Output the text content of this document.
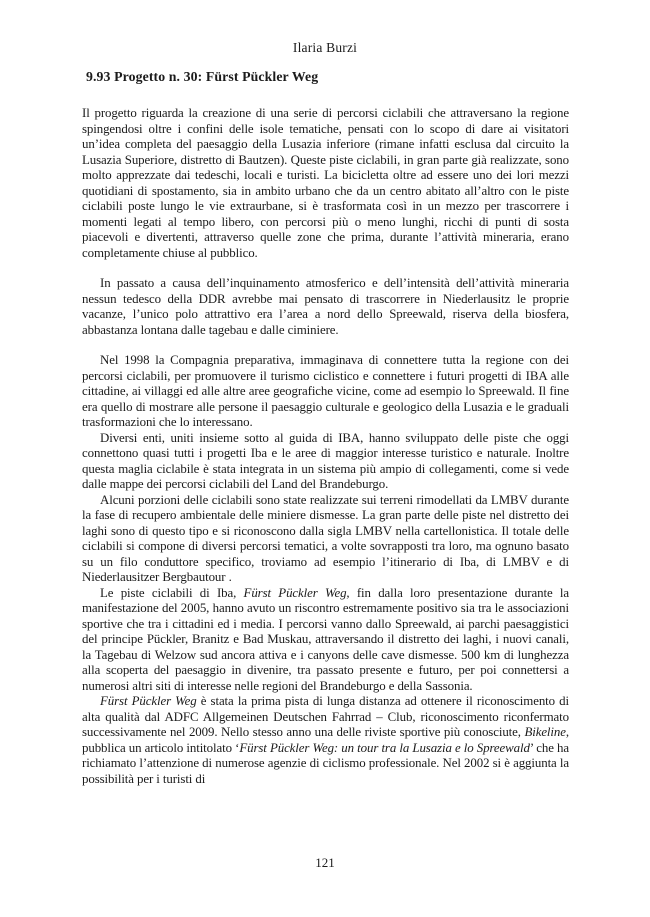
Ilaria Burzi
9.93 Progetto n. 30: Fürst Pückler Weg

Il progetto riguarda la creazione di una serie di percorsi ciclabili che attraversano la regione spingendosi oltre i confini delle isole tematiche, pensati con lo scopo di dare ai visitatori un’idea completa del paesaggio della Lusazia inferiore (rimane infatti esclusa dal circuito la Lusazia Superiore, distretto di Bautzen). Queste piste ciclabili, in gran parte già realizzate, sono molto apprezzate dai tedeschi, locali e turisti. La bicicletta oltre ad essere uno dei lori mezzi quotidiani di spostamento, sia in ambito urbano che da un centro abitato all’altro con le piste ciclabili poste lungo le vie extraurbane, si è trasformata così in un mezzo per trascorrere i momenti legati al tempo libero, con percorsi più o meno lunghi, ricchi di punti di sosta piacevoli e divertenti, attraverso quelle zone che prima, durante l’attività mineraria, erano completamente chiuse al pubblico.

In passato a causa dell’inquinamento atmosferico e dell’intensità dell’attività mineraria nessun tedesco della DDR avrebbe mai pensato di trascorrere in Niederlausitz le proprie vacanze, l’unico polo attrattivo era l’area a nord dello Spreewald, riserva della biosfera, abbastanza lontana dalle tagebau e dalle ciminiere.

Nel 1998 la Compagnia preparativa, immaginava di connettere tutta la regione con dei percorsi ciclabili, per promuovere il turismo ciclistico e connettere i futuri progetti di IBA alle cittadine, ai villaggi ed alle altre aree geografiche vicine, come ad esempio lo Spreewald. Il fine era quello di mostrare alle persone il paesaggio culturale e geologico della Lusazia e le graduali trasformazioni che lo interessano.

Diversi enti, uniti insieme sotto al guida di IBA, hanno sviluppato delle piste che oggi connettono quasi tutti i progetti Iba e le aree di maggior interesse turistico e naturale. Inoltre questa maglia ciclabile è stata integrata in un sistema più ampio di collegamenti, come si vede dalle mappe dei percorsi ciclabili del Land del Brandeburgo.

Alcuni porzioni delle ciclabili sono state realizzate sui terreni rimodellati da LMBV durante la fase di recupero ambientale delle miniere dismesse. La gran parte delle piste nel distretto dei laghi sono di questo tipo e si riconoscono dalla sigla LMBV nella cartellonistica. Il totale delle ciclabili si compone di diversi percorsi tematici, a volte sovrapposti tra loro, ma ognuno basato su un filo conduttore specifico, troviamo ad esempio l’itinerario di Iba, di LMBV e di Niederlausitzer Bergbautour .

Le piste ciclabili di Iba, Fürst Pückler Weg, fin dalla loro presentazione durante la manifestazione del 2005, hanno avuto un riscontro estremamente positivo sia tra le associazioni sportive che tra i cittadini ed i media. I percorsi vanno dallo Spreewald, ai parchi paesaggistici del principe Pückler, Branitz e Bad Muskau, attraversando il distretto dei laghi, i nuovi canali, la Tagebau di Welzow sud ancora attiva e i canyons delle cave dismesse. 500 km di lunghezza alla scoperta del paesaggio in divenire, tra passato presente e futuro, per poi connettersi a numerosi altri siti di interesse nelle regioni del Brandeburgo e della Sassonia.

Fürst Pückler Weg è stata la prima pista di lunga distanza ad ottenere il riconoscimento di alta qualità dal ADFC Allgemeinen Deutschen Fahrrad – Club, riconoscimento riconfermato successivamente nel 2009. Nello stesso anno una delle riviste sportive più conosciute, Bikeline, pubblica un articolo intitolato ‘Fürst Pückler Weg: un tour tra la Lusazia e lo Spreewald’ che ha richiamato l’attenzione di numerose agenzie di ciclismo professionale. Nel 2002 si è aggiunta la possibilità per i turisti di

121
